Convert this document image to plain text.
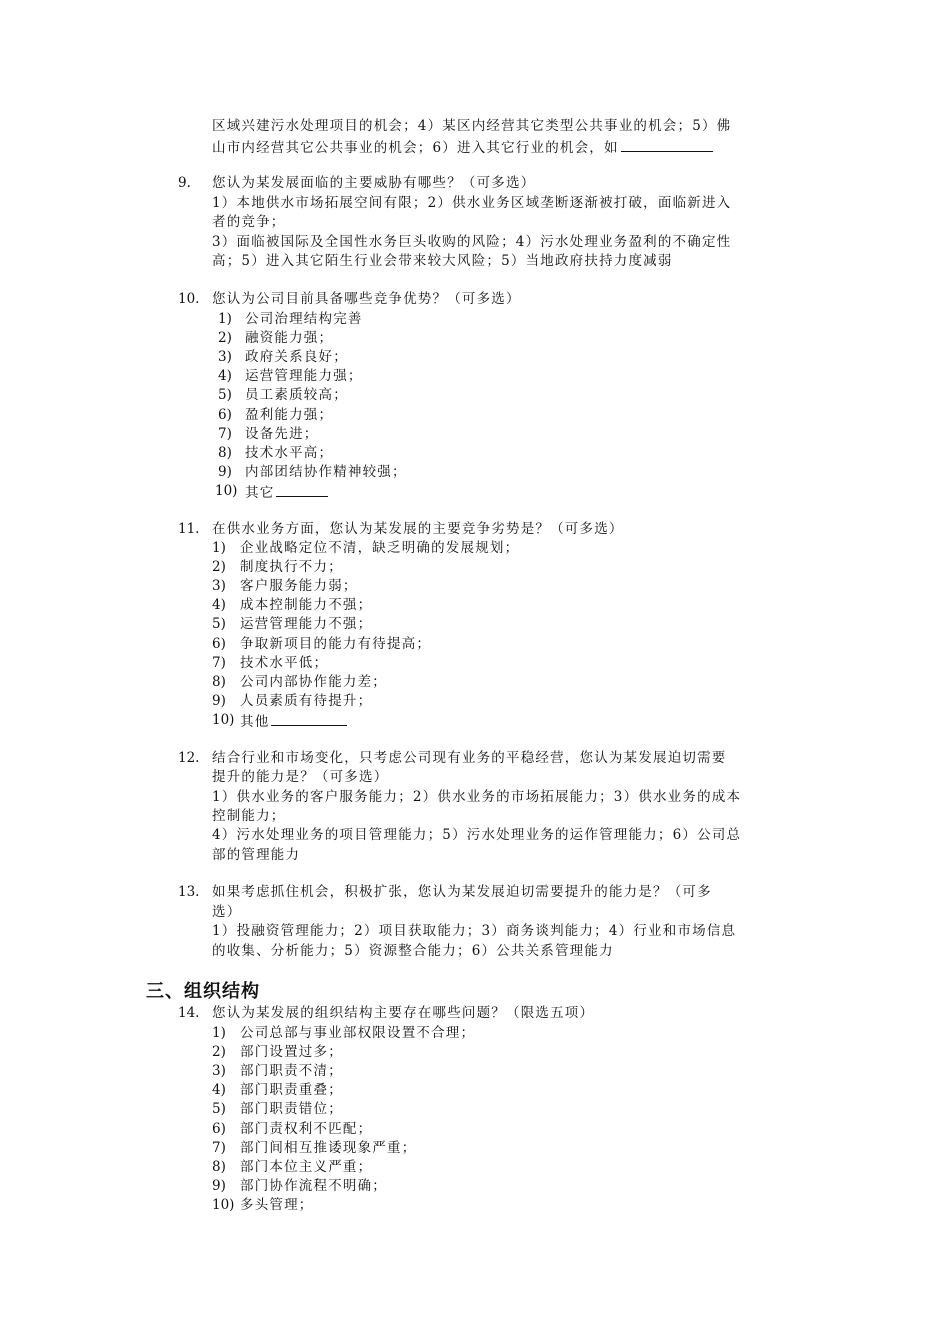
区域兴建污水处理项目的机会；4）某区内经营其它类型公共事业的机会；5）佛
山市内经营其它公共事业的机会；6）进入其它行业的机会，如
9. 您认为某发展面临的主要威胁有哪些？（可多选）
1）本地供水市场拓展空间有限；2）供水业务区域垄断逐渐被打破，面临新进入
者的竞争；
3）面临被国际及全国性水务巨头收购的风险；4）污水处理业务盈利的不确定性
高；5）进入其它陌生行业会带来较大风险；5）当地政府扶持力度减弱
10. 您认为公司目前具备哪些竞争优势？（可多选）
1) 公司治理结构完善
2) 融资能力强；
3) 政府关系良好；
4) 运营管理能力强；
5) 员工素质较高；
6) 盈利能力强；
7) 设备先进；
8) 技术水平高；
9) 内部团结协作精神较强；
10) 其它
11. 在供水业务方面，您认为某发展的主要竞争劣势是？（可多选）
1) 企业战略定位不清，缺乏明确的发展规划；
2) 制度执行不力；
3) 客户服务能力弱；
4) 成本控制能力不强；
5) 运营管理能力不强；
6) 争取新项目的能力有待提高；
7) 技术水平低；
8) 公司内部协作能力差；
9) 人员素质有待提升；
10) 其他
12. 结合行业和市场变化，只考虑公司现有业务的平稳经营，您认为某发展迫切需要
提升的能力是？（可多选）
1）供水业务的客户服务能力；2）供水业务的市场拓展能力；3）供水业务的成本
控制能力；
4）污水处理业务的项目管理能力；5）污水处理业务的运作管理能力；6）公司总
部的管理能力
13. 如果考虑抓住机会，积极扩张，您认为某发展迫切需要提升的能力是？（可多
选）
1）投融资管理能力；2）项目获取能力；3）商务谈判能力；4）行业和市场信息
的收集、分析能力；5）资源整合能力；6）公共关系管理能力
三、组织结构
14. 您认为某发展的组织结构主要存在哪些问题？（限选五项）
1) 公司总部与事业部权限设置不合理；
2) 部门设置过多；
3) 部门职责不清；
4) 部门职责重叠；
5) 部门职责错位；
6) 部门责权利不匹配；
7) 部门间相互推诿现象严重；
8) 部门本位主义严重；
9) 部门协作流程不明确；
10) 多头管理；
